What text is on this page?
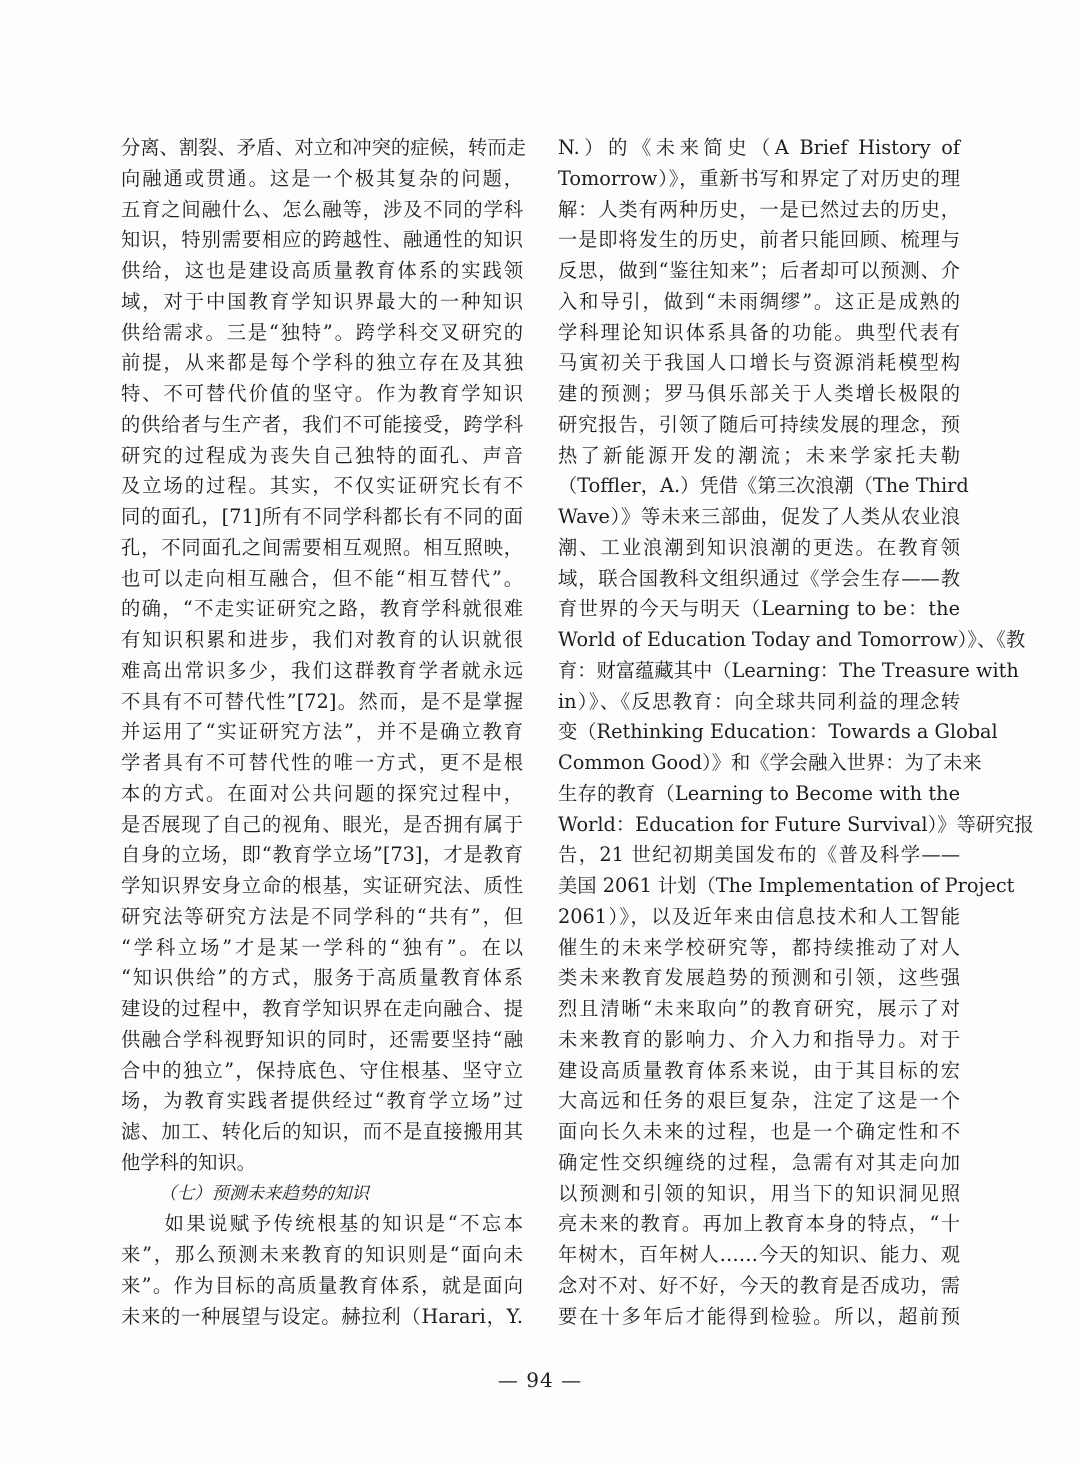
分离、割裂、矛盾、对立和冲突的症候，转而走
向融通或贯通。这是一个极其复杂的问题，
五育之间融什么、怎么融等，涉及不同的学科
知识，特别需要相应的跨越性、融通性的知识
供给，这也是建设高质量教育体系的实践领
域，对于中国教育学知识界最大的一种知识
供给需求。三是“独特”。跨学科交叉研究的
前提，从来都是每个学科的独立存在及其独
特、不可替代价值的坚守。作为教育学知识
的供给者与生产者，我们不可能接受，跨学科
研究的过程成为丧失自己独特的面孔、声音
及立场的过程。其实，不仅实证研究长有不
同的面孔，[71]所有不同学科都长有不同的面
孔，不同面孔之间需要相互观照。相互照映，
也可以走向相互融合，但不能“相互替代”。
的确，“不走实证研究之路，教育学科就很难
有知识积累和进步，我们对教育的认识就很
难高出常识多少，我们这群教育学者就永远
不具有不可替代性”[72]。然而，是不是掌握
并运用了“实证研究方法”，并不是确立教育
学者具有不可替代性的唯一方式，更不是根
本的方式。在面对公共问题的探究过程中，
是否展现了自己的视角、眼光，是否拥有属于
自身的立场，即“教育学立场”[73]，才是教育
学知识界安身立命的根基，实证研究法、质性
研究法等研究方法是不同学科的“共有”，但
“学科立场”才是某一学科的“独有”。在以
“知识供给”的方式，服务于高质量教育体系
建设的过程中，教育学知识界在走向融合、提
供融合学科视野知识的同时，还需要坚持“融
合中的独立”，保持底色、守住根基、坚守立
场，为教育实践者提供经过“教育学立场”过
滤、加工、转化后的知识，而不是直接搬用其
他学科的知识。
（七）预测未来趋势的知识
　　如果说赋予传统根基的知识是“不忘本
来”，那么预测未来教育的知识则是“面向未
来”。作为目标的高质量教育体系，就是面向
未来的一种展望与设定。赫拉利（Harari，Y.
N.）的《未来简史（A Brief History of
Tomorrow）》，重新书写和界定了对历史的理
解：人类有两种历史，一是已然过去的历史，
一是即将发生的历史，前者只能回顾、梳理与
反思，做到“鉴往知来”；后者却可以预测、介
入和导引，做到“未雨绸缪”。这正是成熟的
学科理论知识体系具备的功能。典型代表有
马寅初关于我国人口增长与资源消耗模型构
建的预测；罗马俱乐部关于人类增长极限的
研究报告，引领了随后可持续发展的理念，预
热了新能源开发的潮流；未来学家托夫勒
（Toffler，A.）凭借《第三次浪潮（The Third
Wave）》等未来三部曲，促发了人类从农业浪
潮、工业浪潮到知识浪潮的更迭。在教育领
域，联合国教科文组织通过《学会生存——教
育世界的今天与明天（Learning to be：the
World of Education Today and Tomorrow）》、《教
育：财富蕴藏其中（Learning：The Treasure with
in）》、《反思教育：向全球共同利益的理念转
变（Rethinking Education：Towards a Global
Common Good）》和《学会融入世界：为了未来
生存的教育（Learning to Become with the
World：Education for Future Survival）》等研究报
告，21 世纪初期美国发布的《普及科学——
美国 2061 计划（The Implementation of Project
2061）》，以及近年来由信息技术和人工智能
催生的未来学校研究等，都持续推动了对人
类未来教育发展趋势的预测和引领，这些强
烈且清晰“未来取向”的教育研究，展示了对
未来教育的影响力、介入力和指导力。对于
建设高质量教育体系来说，由于其目标的宏
大高远和任务的艰巨复杂，注定了这是一个
面向长久未来的过程，也是一个确定性和不
确定性交织缠绕的过程，急需有对其走向加
以预测和引领的知识，用当下的知识洞见照
亮未来的教育。再加上教育本身的特点，“十
年树木，百年树人……今天的知识、能力、观
念对不对、好不好，今天的教育是否成功，需
要在十多年后才能得到检验。所以，超前预
— 94 —
